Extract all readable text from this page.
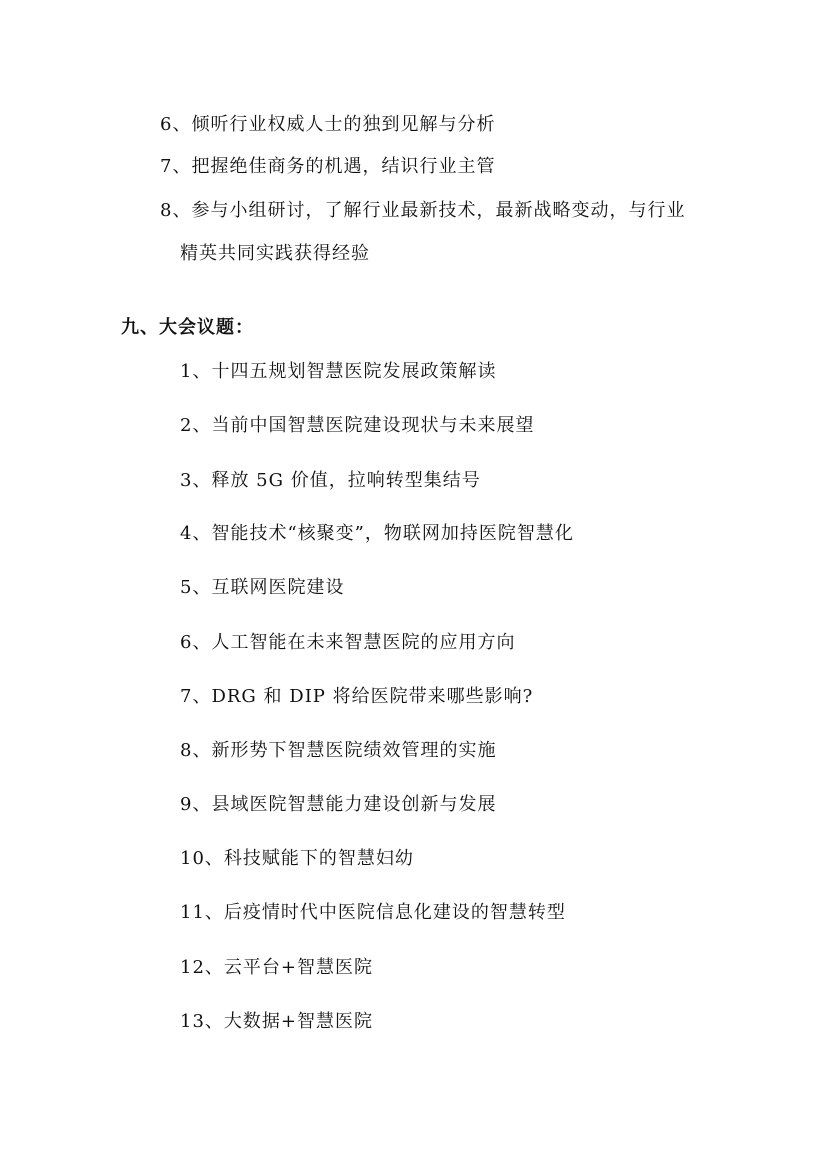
6、倾听行业权威人士的独到见解与分析
7、把握绝佳商务的机遇，结识行业主管
8、参与小组研讨，了解行业最新技术，最新战略变动，与行业
精英共同实践获得经验
九、大会议题：
1、十四五规划智慧医院发展政策解读
2、当前中国智慧医院建设现状与未来展望
3、释放 5G 价值，拉响转型集结号
4、智能技术“核聚变”，物联网加持医院智慧化
5、互联网医院建设
6、人工智能在未来智慧医院的应用方向
7、DRG 和 DIP 将给医院带来哪些影响?
8、新形势下智慧医院绩效管理的实施
9、县域医院智慧能力建设创新与发展
10、科技赋能下的智慧妇幼
11、后疫情时代中医院信息化建设的智慧转型
12、云平台+智慧医院
13、大数据+智慧医院
